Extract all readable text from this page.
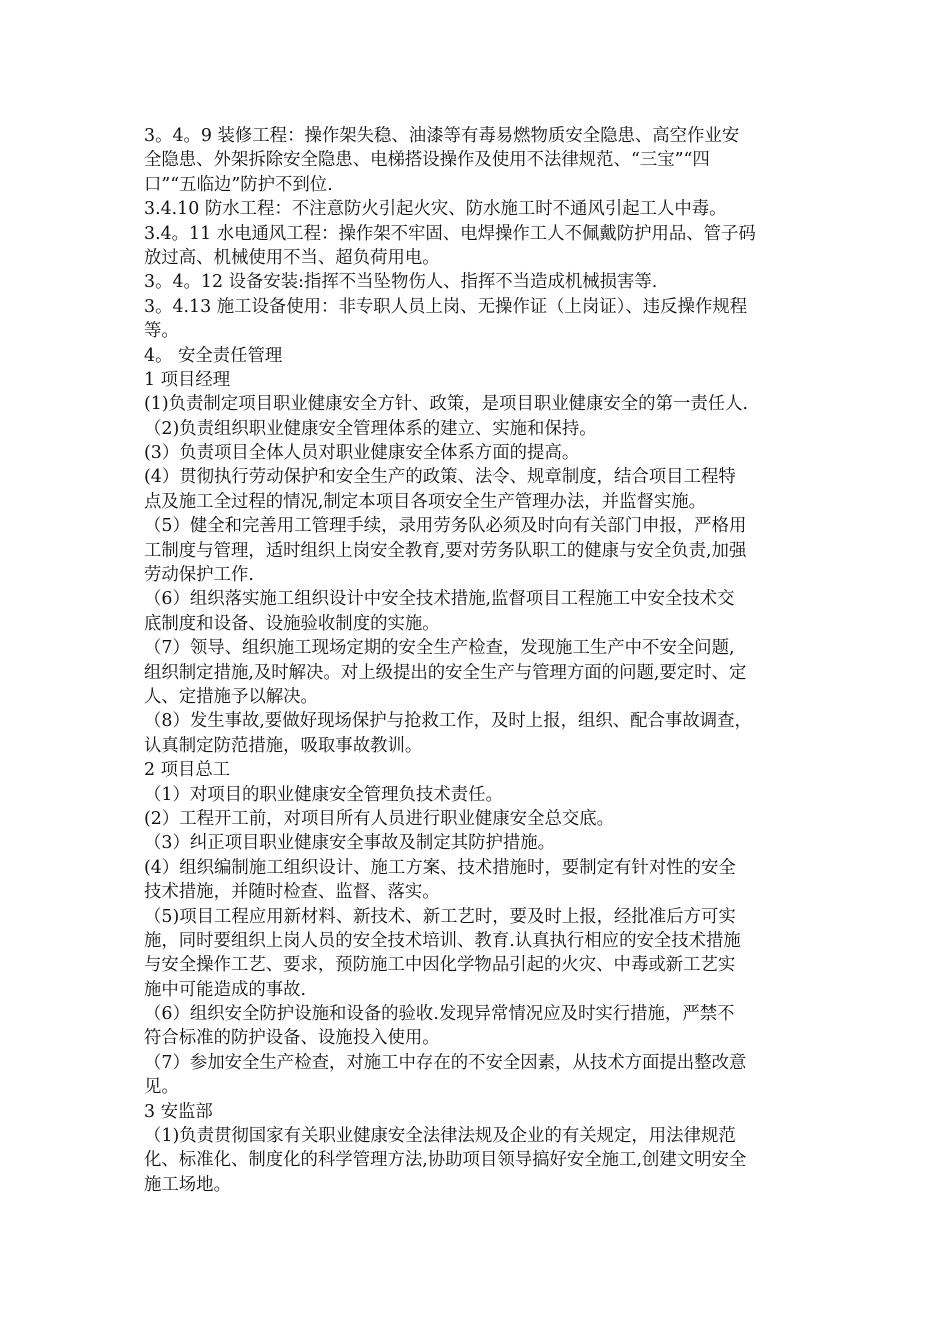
3。4。9 装修工程：操作架失稳、油漆等有毒易燃物质安全隐患、高空作业安
全隐患、外架拆除安全隐患、电梯搭设操作及使用不法律规范、“三宝”“四
口”“五临边”防护不到位.
3.4.10 防水工程：不注意防火引起火灾、防水施工时不通风引起工人中毒。
3.4。11 水电通风工程：操作架不牢固、电焊操作工人不佩戴防护用品、管子码
放过高、机械使用不当、超负荷用电。
3。4。12 设备安装:指挥不当坠物伤人、指挥不当造成机械损害等.
3。4.13 施工设备使用：非专职人员上岗、无操作证（上岗证）、违反操作规程
等。
4。 安全责任管理
1 项目经理
(1)负责制定项目职业健康安全方针、政策，是项目职业健康安全的第一责任人.
（2)负责组织职业健康安全管理体系的建立、实施和保持。
(3）负责项目全体人员对职业健康安全体系方面的提高。
(4）贯彻执行劳动保护和安全生产的政策、法令、规章制度，结合项目工程特
点及施工全过程的情况,制定本项目各项安全生产管理办法，并监督实施。
（5）健全和完善用工管理手续，录用劳务队必须及时向有关部门申报，严格用
工制度与管理，适时组织上岗安全教育,要对劳务队职工的健康与安全负责,加强
劳动保护工作.
（6）组织落实施工组织设计中安全技术措施,监督项目工程施工中安全技术交
底制度和设备、设施验收制度的实施。
（7）领导、组织施工现场定期的安全生产检查，发现施工生产中不安全问题,
组织制定措施,及时解决。对上级提出的安全生产与管理方面的问题,要定时、定
人、定措施予以解决。
（8）发生事故,要做好现场保护与抢救工作，及时上报，组织、配合事故调查，
认真制定防范措施，吸取事故教训。
2 项目总工
（1）对项目的职业健康安全管理负技术责任。
(2）工程开工前，对项目所有人员进行职业健康安全总交底。
（3）纠正项目职业健康安全事故及制定其防护措施。
(4）组织编制施工组织设计、施工方案、技术措施时，要制定有针对性的安全
技术措施，并随时检查、监督、落实。
（5)项目工程应用新材料、新技术、新工艺时，要及时上报，经批准后方可实
施，同时要组织上岗人员的安全技术培训、教育.认真执行相应的安全技术措施
与安全操作工艺、要求，预防施工中因化学物品引起的火灾、中毒或新工艺实
施中可能造成的事故.
（6）组织安全防护设施和设备的验收.发现异常情况应及时实行措施，严禁不
符合标准的防护设备、设施投入使用。
（7）参加安全生产检查，对施工中存在的不安全因素，从技术方面提出整改意
见。
3 安监部
（1)负责贯彻国家有关职业健康安全法律法规及企业的有关规定，用法律规范
化、标准化、制度化的科学管理方法,协助项目领导搞好安全施工,创建文明安全
施工场地。
